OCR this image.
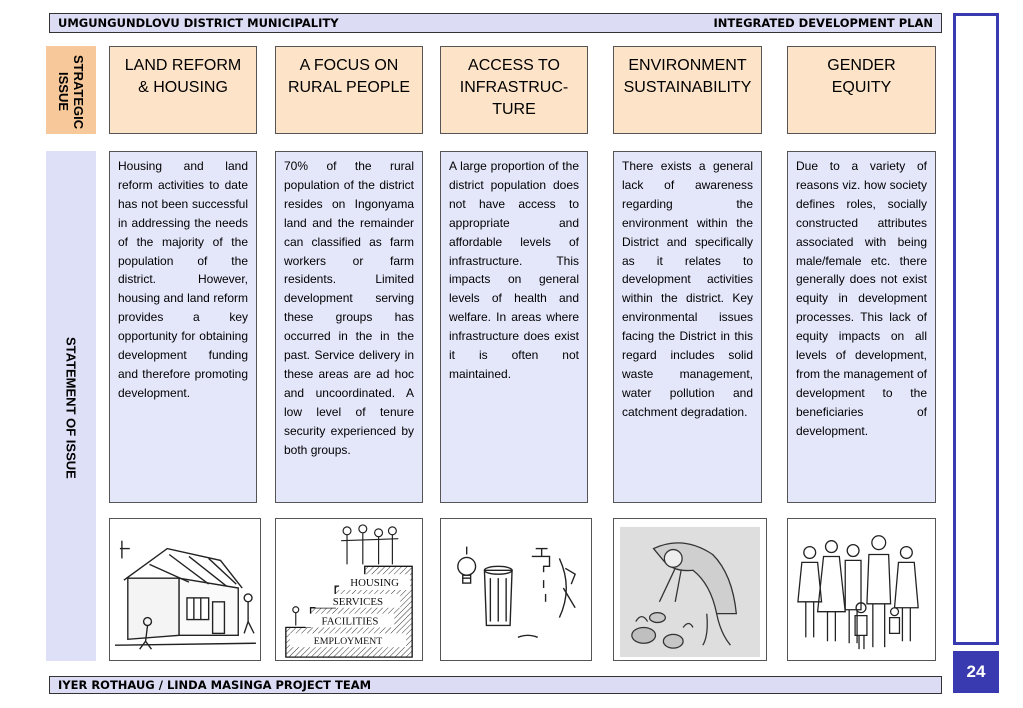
UMGUNGUNDLOVU DISTRICT MUNICIPALITY	INTEGRATED DEVELOPMENT PLAN
24
STRATEGIC
ISSUE
STATEMENT OF ISSUE
LAND REFORM
& HOUSING
A FOCUS ON
RURAL PEOPLE
ACCESS TO
INFRASTRUC-
TURE
ENVIRONMENT
SUSTAINABILITY
GENDER
EQUITY
Housing and land reform activities to date has not been successful in addressing the needs of the majority of the population of the district. However, housing and land reform provides a key opportunity for obtaining development funding and therefore promoting development.
70% of the rural population of the district resides on Ingonyama land and the remainder can classified as farm workers or farm residents. Limited development serving these groups has occurred in the in the past. Service delivery in these areas are ad hoc and uncoordinated. A low level of tenure security experienced by both groups.
A large proportion of the district population does not have access to appropriate and affordable levels of infrastructure. This impacts on general levels of health and welfare. In areas where infrastructure does exist it is often not maintained.
There exists a general lack of awareness regarding the environment within the District and specifically as it relates to development activities within the district. Key environmental issues facing the District in this regard includes solid waste management, water pollution and catchment degradation.
Due to a variety of reasons viz. how society defines roles, socially constructed attributes associated with being male/female etc. there generally does not exist equity in development processes. This lack of equity impacts on all levels of development, from the management of development to the beneficiaries of development.
HOUSING
SERVICES
FACILITIES
EMPLOYMENT
IYER ROTHAUG / LINDA MASINGA PROJECT TEAM
